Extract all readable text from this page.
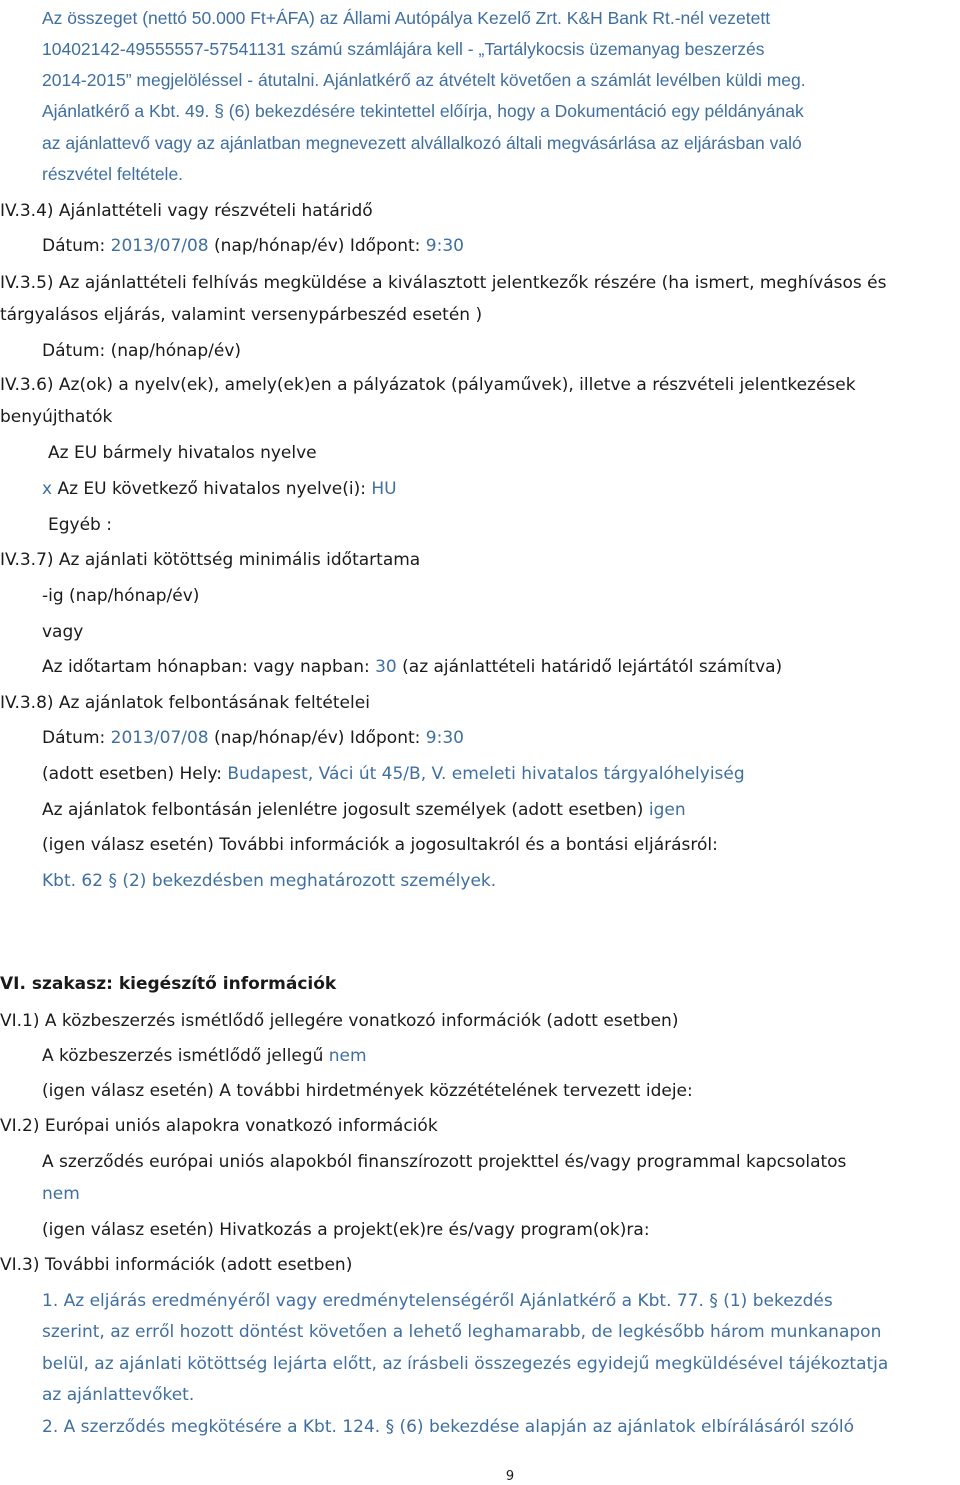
Az összeget (nettó 50.000 Ft+ÁFA) az Állami Autópálya Kezelő Zrt. K&H Bank Rt.-nél vezetett
10402142-49555557-57541131 számú számlájára kell - „Tartálykocsis üzemanyag beszerzés
2014-2015” megjelöléssel - átutalni. Ajánlatkérő az átvételt követően a számlát levélben küldi meg.
Ajánlatkérő a Kbt. 49. § (6) bekezdésére tekintettel előírja, hogy a Dokumentáció egy példányának
az ajánlattevő vagy az ajánlatban megnevezett alvállalkozó általi megvásárlása az eljárásban való
részvétel feltétele.
IV.3.4) Ajánlattételi vagy részvételi határidő
Dátum: 2013/07/08 (nap/hónap/év) Időpont: 9:30
IV.3.5) Az ajánlattételi felhívás megküldése a kiválasztott jelentkezők részére (ha ismert, meghívásos és
tárgyalásos eljárás, valamint versenypárbeszéd esetén )
Dátum: (nap/hónap/év)
IV.3.6) Az(ok) a nyelv(ek), amely(ek)en a pályázatok (pályaművek), illetve a részvételi jelentkezések
benyújthatók
Az EU bármely hivatalos nyelve
x Az EU következő hivatalos nyelve(i): HU
Egyéb :
IV.3.7) Az ajánlati kötöttség minimális időtartama
-ig (nap/hónap/év)
vagy
Az időtartam hónapban: vagy napban: 30 (az ajánlattételi határidő lejártától számítva)
IV.3.8) Az ajánlatok felbontásának feltételei
Dátum: 2013/07/08 (nap/hónap/év) Időpont: 9:30
(adott esetben) Hely: Budapest, Váci út 45/B, V. emeleti hivatalos tárgyalóhelyiség
Az ajánlatok felbontásán jelenlétre jogosult személyek (adott esetben) igen
(igen válasz esetén) További információk a jogosultakról és a bontási eljárásról:
Kbt. 62 § (2) bekezdésben meghatározott személyek.
VI. szakasz: kiegészítő információk
VI.1) A közbeszerzés ismétlődő jellegére vonatkozó információk (adott esetben)
A közbeszerzés ismétlődő jellegű nem
(igen válasz esetén) A további hirdetmények közzétételének tervezett ideje:
VI.2) Európai uniós alapokra vonatkozó információk
A szerződés európai uniós alapokból finanszírozott projekttel és/vagy programmal kapcsolatos
nem
(igen válasz esetén) Hivatkozás a projekt(ek)re és/vagy program(ok)ra:
VI.3) További információk (adott esetben)
1. Az eljárás eredményéről vagy eredménytelenségéről Ajánlatkérő a Kbt. 77. § (1) bekezdés
szerint, az erről hozott döntést követően a lehető leghamarabb, de legkésőbb három munkanapon
belül, az ajánlati kötöttség lejárta előtt, az írásbeli összegezés egyidejű megküldésével tájékoztatja
az ajánlattevőket.
2. A szerződés megkötésére a Kbt. 124. § (6) bekezdése alapján az ajánlatok elbírálásáról szóló
9
